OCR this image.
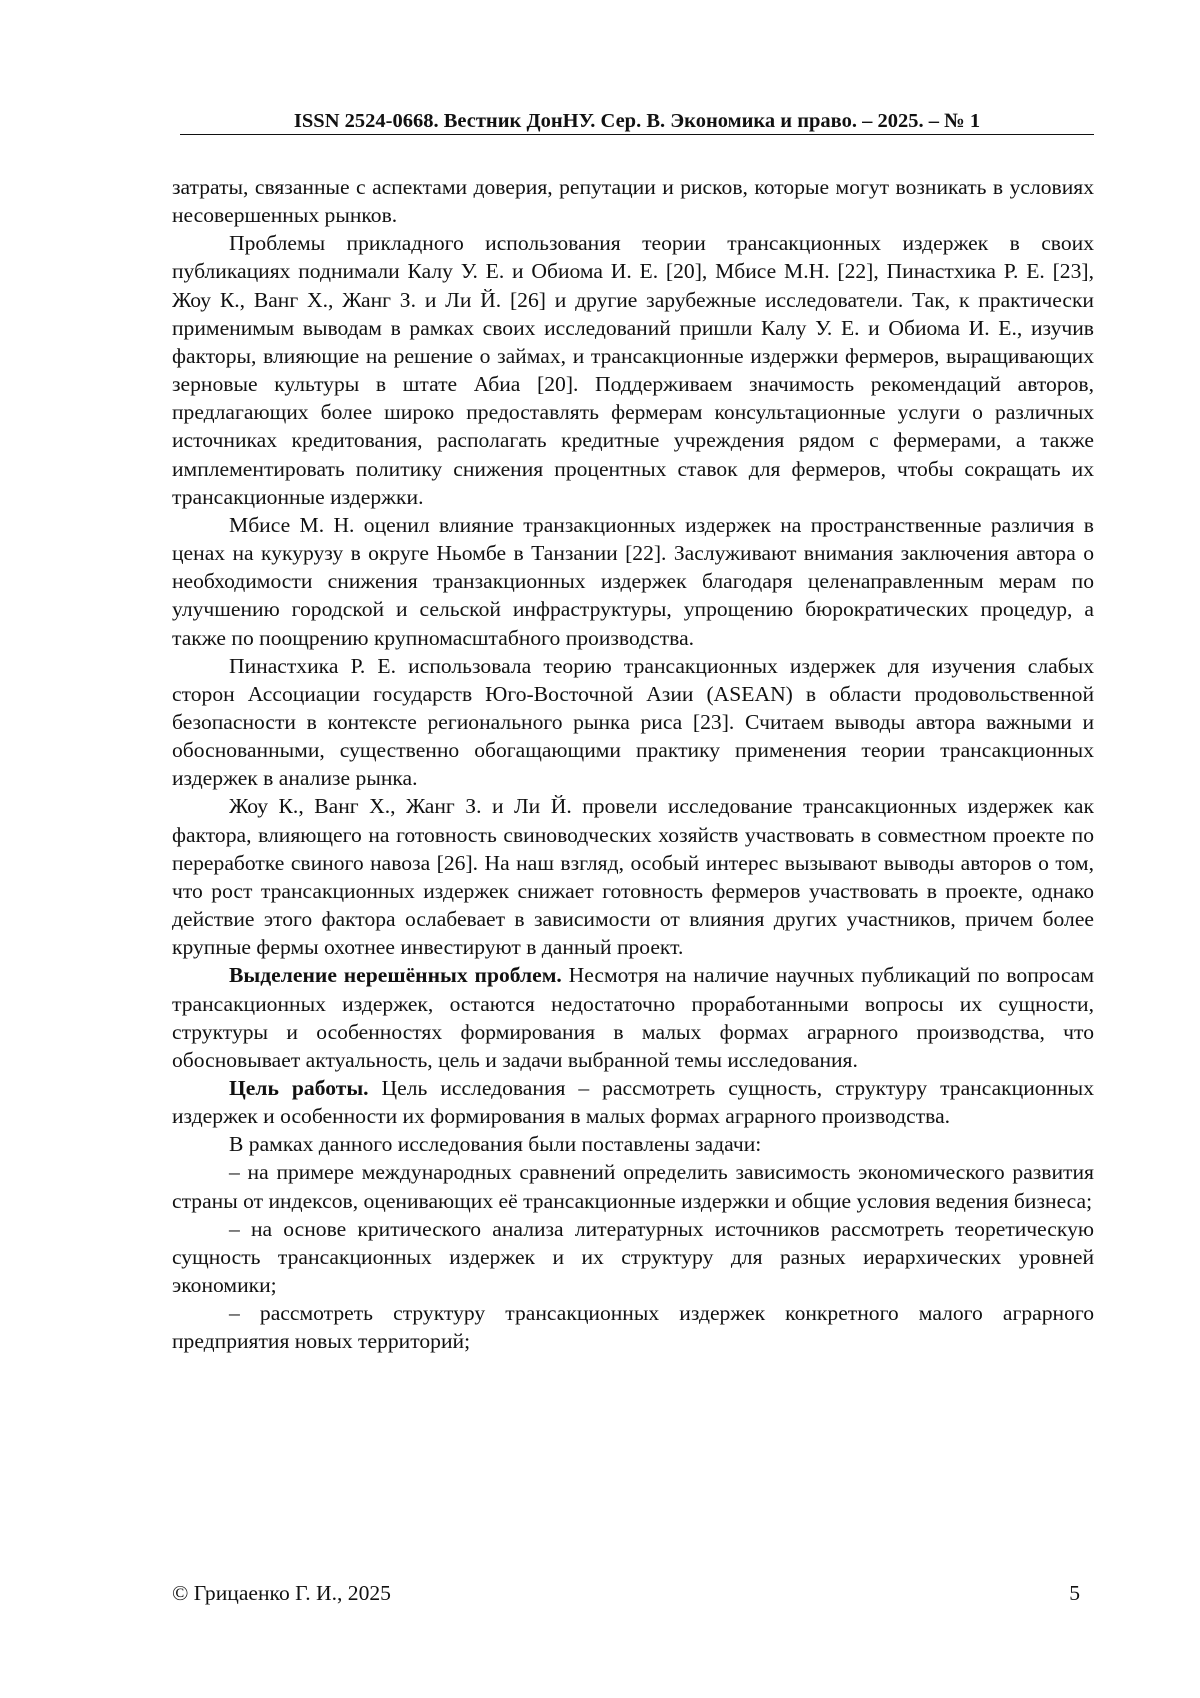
ISSN 2524-0668. Вестник ДонНУ. Сер. В. Экономика и право. – 2025. – № 1

затраты, связанные с аспектами доверия, репутации и рисков, которые могут возникать в условиях несовершенных рынков.

Проблемы прикладного использования теории трансакционных издержек в своих публикациях поднимали Калу У. Е. и Обиома И. Е. [20], Мбисе М.Н. [22], Пинастхика Р. Е. [23], Жоу К., Ванг Х., Жанг З. и Ли Й. [26] и другие зарубежные исследователи. Так, к практически применимым выводам в рамках своих исследований пришли Калу У. Е. и Обиома И. Е., изучив факторы, влияющие на решение о займах, и трансакционные издержки фермеров, выращивающих зерновые культуры в штате Абиа [20]. Поддерживаем значимость рекомендаций авторов, предлагающих более широко предоставлять фермерам консультационные услуги о различных источниках кредитования, располагать кредитные учреждения рядом с фермерами, а также имплементировать политику снижения процентных ставок для фермеров, чтобы сокращать их трансакционные издержки.

Мбисе М. Н. оценил влияние транзакционных издержек на пространственные различия в ценах на кукурузу в округе Ньомбе в Танзании [22]. Заслуживают внимания заключения автора о необходимости снижения транзакционных издержек благодаря целенаправленным мерам по улучшению городской и сельской инфраструктуры, упрощению бюрократических процедур, а также по поощрению крупномасштабного производства.

Пинастхика Р. Е. использовала теорию трансакционных издержек для изучения слабых сторон Ассоциации государств Юго-Восточной Азии (ASEAN) в области продовольственной безопасности в контексте регионального рынка риса [23]. Считаем выводы автора важными и обоснованными, существенно обогащающими практику применения теории трансакционных издержек в анализе рынка.

Жоу К., Ванг Х., Жанг З. и Ли Й. провели исследование трансакционных издержек как фактора, влияющего на готовность свиноводческих хозяйств участвовать в совместном проекте по переработке свиного навоза [26]. На наш взгляд, особый интерес вызывают выводы авторов о том, что рост трансакционных издержек снижает готовность фермеров участвовать в проекте, однако действие этого фактора ослабевает в зависимости от влияния других участников, причем более крупные фермы охотнее инвестируют в данный проект.

Выделение нерешённых проблем. Несмотря на наличие научных публикаций по вопросам трансакционных издержек, остаются недостаточно проработанными вопросы их сущности, структуры и особенностях формирования в малых формах аграрного производства, что обосновывает актуальность, цель и задачи выбранной темы исследования.

Цель работы. Цель исследования – рассмотреть сущность, структуру трансакционных издержек и особенности их формирования в малых формах аграрного производства.

В рамках данного исследования были поставлены задачи:

– на примере международных сравнений определить зависимость экономического развития страны от индексов, оценивающих её трансакционные издержки и общие условия ведения бизнеса;

– на основе критического анализа литературных источников рассмотреть теоретическую сущность трансакционных издержек и их структуру для разных иерархических уровней экономики;

– рассмотреть структуру трансакционных издержек конкретного малого аграрного предприятия новых территорий;

© Грицаенко Г. И., 2025	5
